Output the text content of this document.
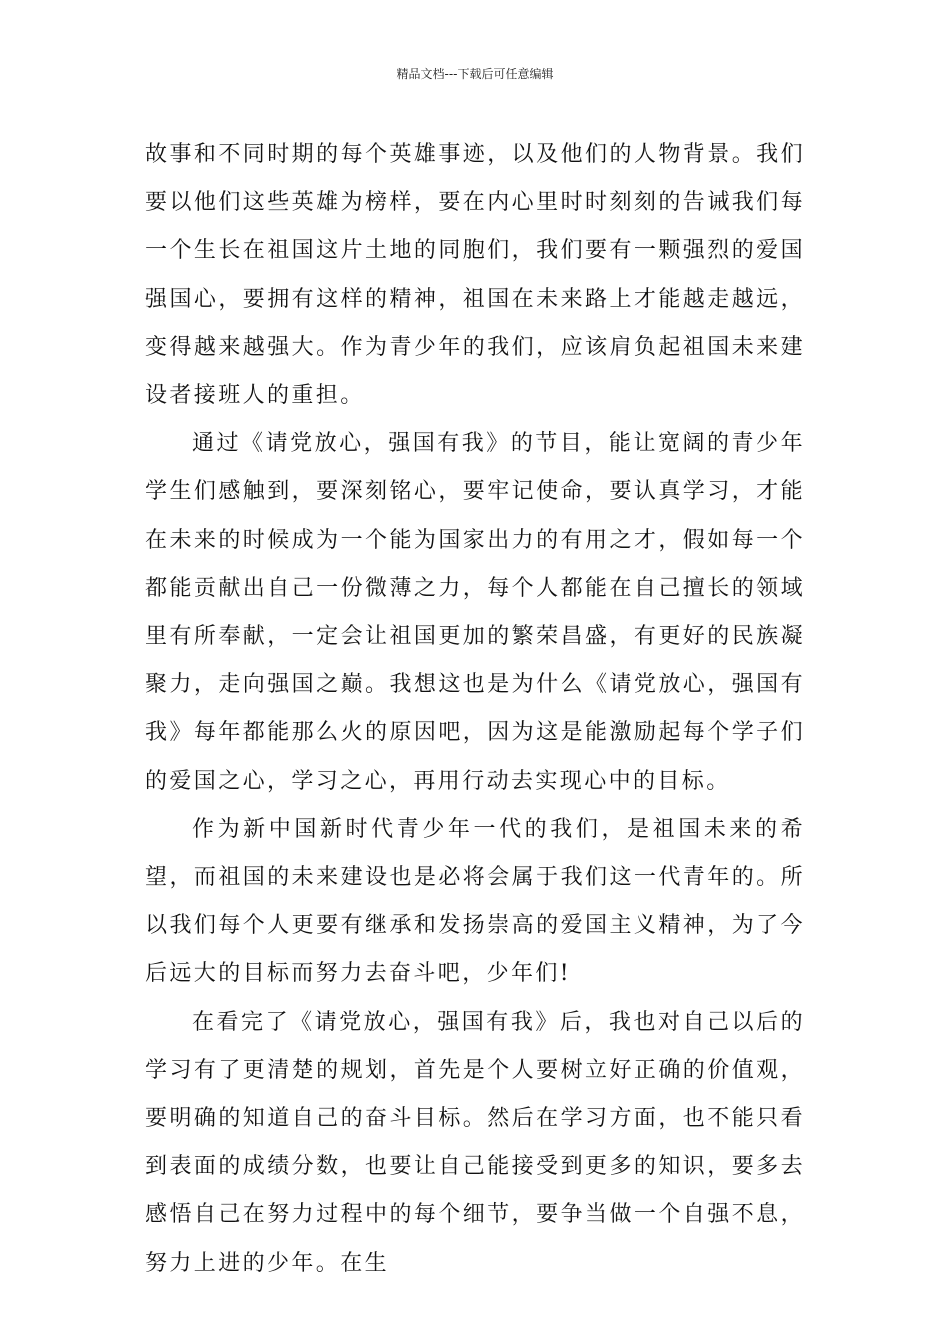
精品文档---下载后可任意编辑

故事和不同时期的每个英雄事迹，以及他们的人物背景。我们要以他们这些英雄为榜样，要在内心里时时刻刻的告诫我们每一个生长在祖国这片土地的同胞们，我们要有一颗强烈的爱国强国心，要拥有这样的精神，祖国在未来路上才能越走越远，变得越来越强大。作为青少年的我们，应该肩负起祖国未来建设者接班人的重担。

通过《请党放心，强国有我》的节目，能让宽阔的青少年学生们感触到，要深刻铭心，要牢记使命，要认真学习，才能在未来的时候成为一个能为国家出力的有用之才，假如每一个都能贡献出自己一份微薄之力，每个人都能在自己擅长的领域里有所奉献，一定会让祖国更加的繁荣昌盛，有更好的民族凝聚力，走向强国之巅。我想这也是为什么《请党放心，强国有我》每年都能那么火的原因吧，因为这是能激励起每个学子们的爱国之心，学习之心，再用行动去实现心中的目标。

作为新中国新时代青少年一代的我们，是祖国未来的希望，而祖国的未来建设也是必将会属于我们这一代青年的。所以我们每个人更要有继承和发扬崇高的爱国主义精神，为了今后远大的目标而努力去奋斗吧，少年们!

在看完了《请党放心，强国有我》后，我也对自己以后的学习有了更清楚的规划，首先是个人要树立好正确的价值观，要明确的知道自己的奋斗目标。然后在学习方面，也不能只看到表面的成绩分数，也要让自己能接受到更多的知识，要多去感悟自己在努力过程中的每个细节，要争当做一个自强不息，努力上进的少年。在生
